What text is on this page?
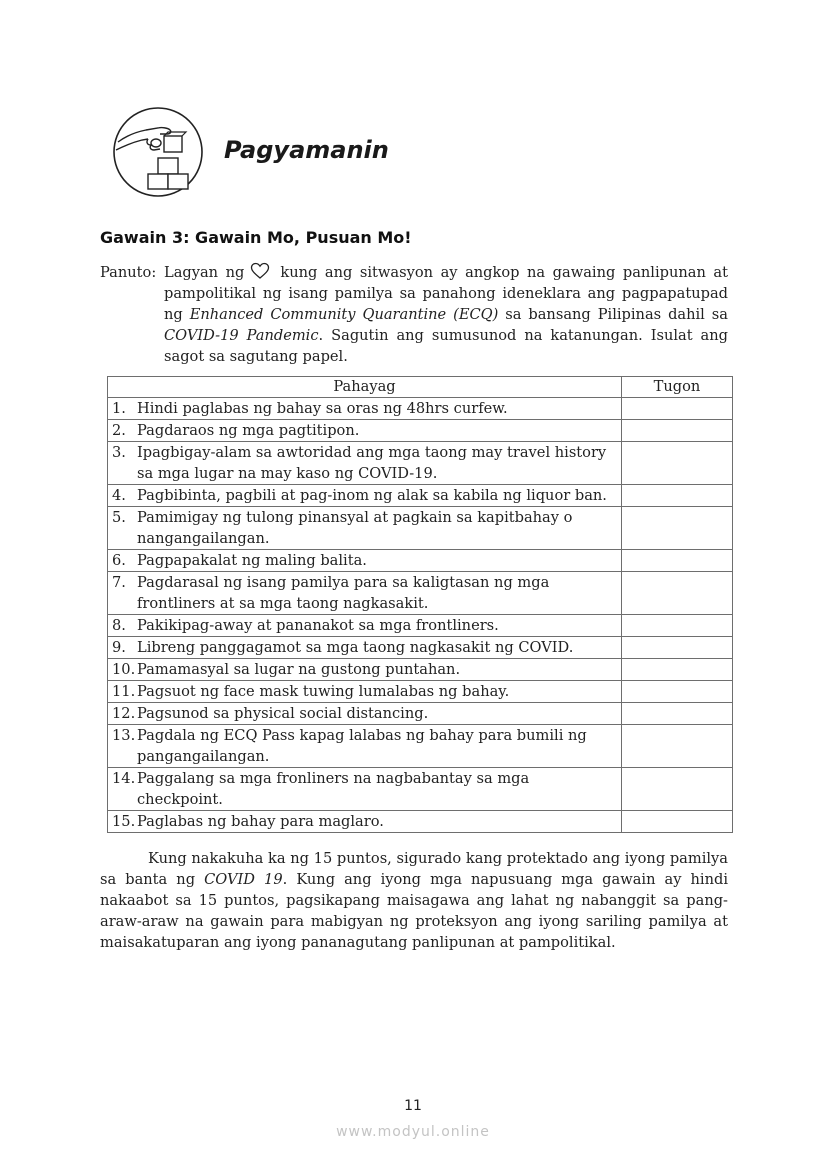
Pagyamanin
Gawain 3: Gawain Mo, Pusuan Mo!
Panuto: Lagyan ng kung ang sitwasyon ay angkop na gawaing panlipunan at
pampolitikal ng isang pamilya sa panahong ideneklara ang pagpapatupad ng Enhanced Community Quarantine (ECQ) sa bansang Pilipinas dahil sa COVID-19 Pandemic. Sagutin ang sumusunod na katanungan. Isulat ang sagot sa sagutang papel.
Pahayag	Tugon

1. Hindi paglabas ng bahay sa oras ng 48hrs curfew.	

2. Pagdaraos ng mga pagtitipon.	

3. Ipagbigay-alam sa awtoridad ang mga taong may travel history sa mga lugar na may kaso ng COVID-19.	

4. Pagbibinta, pagbili at pag-inom ng alak sa kabila ng liquor ban.	

5. Pamimigay ng tulong pinansyal at pagkain sa kapitbahay o nangangailangan.	

6. Pagpapakalat ng maling balita.	

7. Pagdarasal ng isang pamilya para sa kaligtasan ng mga frontliners at sa mga taong nagkasakit.	

8. Pakikipag-away at pananakot sa mga frontliners.	

9. Libreng panggagamot sa mga taong nagkasakit ng COVID.	

10. Pamamasyal sa lugar na gustong puntahan.	

11. Pagsuot ng face mask tuwing lumalabas ng bahay.	

12. Pagsunod sa physical social distancing.	

13. Pagdala ng ECQ Pass kapag lalabas ng bahay para bumili ng pangangailangan.	

14. Paggalang sa mga fronliners na nagbabantay sa mga checkpoint.	

15. Paglabas ng bahay para maglaro.	

Kung nakakuha ka ng 15 puntos, sigurado kang protektado ang iyong pamilya sa banta ng COVID 19. Kung ang iyong mga napusuang mga gawain ay hindi nakaabot sa 15 puntos, pagsikapang maisagawa ang lahat ng nabanggit sa pang-araw-araw na gawain para mabigyan ng proteksyon ang iyong sariling pamilya at maisakatuparan ang iyong pananagutang panlipunan at pampolitikal.
11
www.modyul.online
